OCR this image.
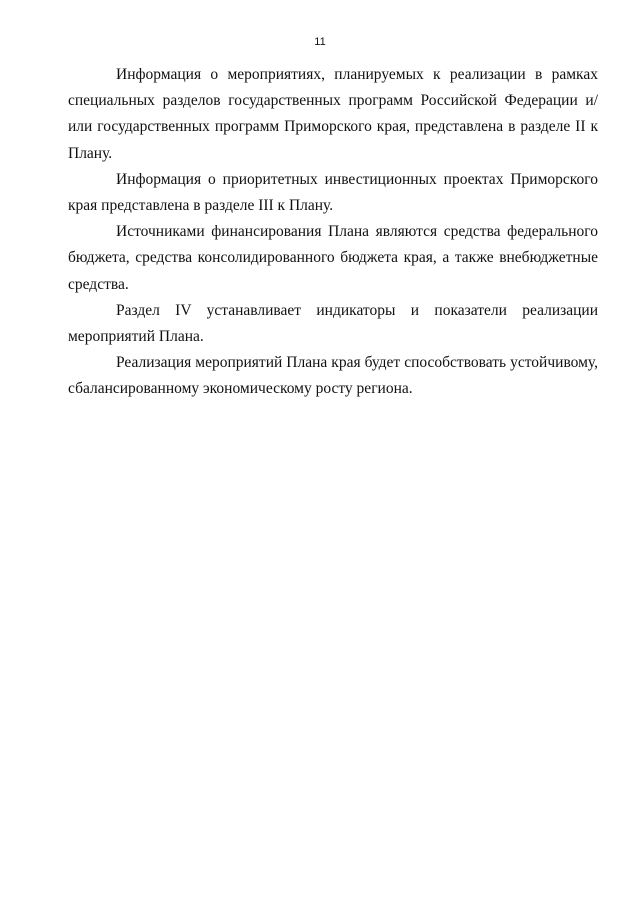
11

Информация о мероприятиях, планируемых к реализации в рамках специальных разделов государственных программ Российской Федерации и/или государственных программ Приморского края, представлена в разделе II к Плану.

Информация о приоритетных инвестиционных проектах Приморского края представлена в разделе III к Плану.

Источниками финансирования Плана являются средства федерального бюджета, средства консолидированного бюджета края, а также внебюджетные средства.

Раздел IV устанавливает индикаторы и показатели реализации мероприятий Плана.

Реализация мероприятий Плана края будет способствовать устойчивому, сбалансированному экономическому росту региона.
